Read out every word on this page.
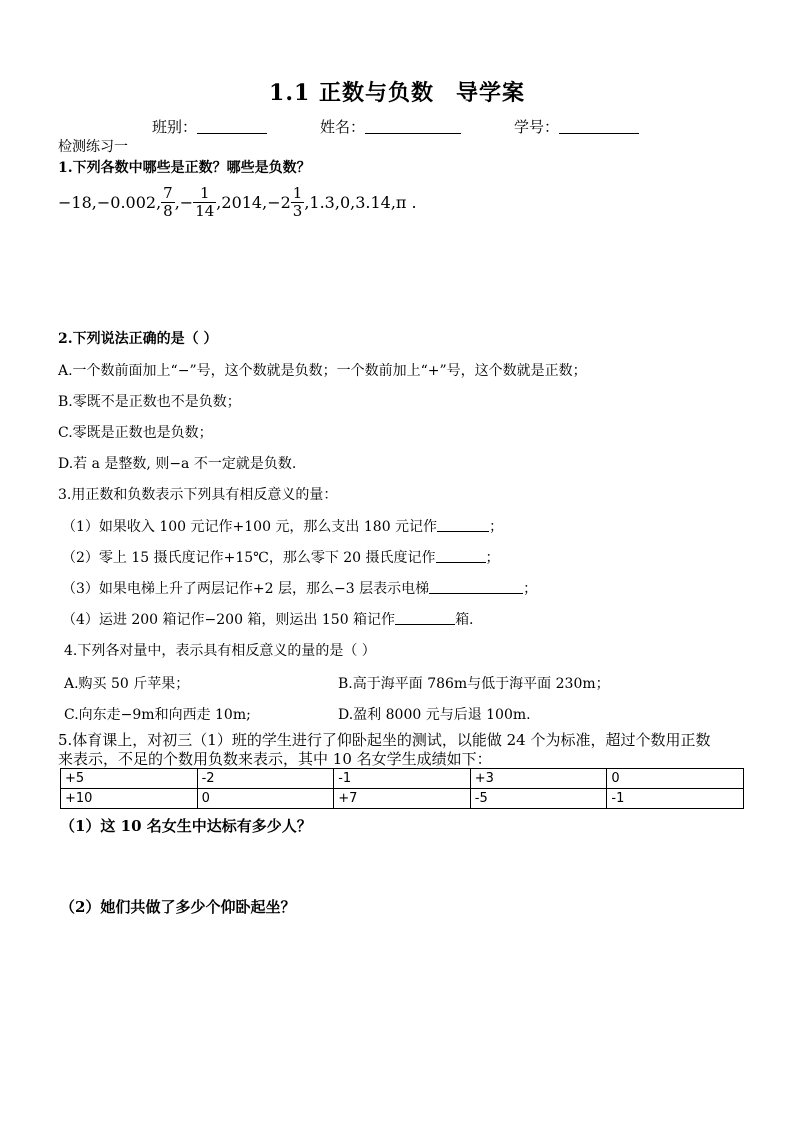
1.1 正数与负数 导学案
班别：	姓名：	学号：
检测练习一
1.下列各数中哪些是正数？哪些是负数？
−18,−0.002, $\frac{7}{8}$ ,− $\frac{1}{14} ,2014,-2 \frac{1}{3} ,1.3,0,3.14,\pi$ .
2.下列说法正确的是（ ）
A.一个数前面加上“−”号，这个数就是负数；一个数前加上“+”号，这个数就是正数；
B.零既不是正数也不是负数；
C.零既是正数也是负数；
D.若 a 是整数, 则−a 不一定就是负数.
3.用正数和负数表示下列具有相反意义的量：
（1）如果收入 100 元记作+100 元，那么支出 180 元记作	；
（2）零上 15 摄氏度记作+15℃，那么零下 20 摄氏度记作	；
（3）如果电梯上升了两层记作+2 层，那么−3 层表示电梯	；
（4）运进 200 箱记作−200 箱，则运出 150 箱记作	箱.
4.下列各对量中，表示具有相反意义的量的是（ ）
A.购买 50 斤苹果；	B.高于海平面 786m与低于海平面 230m；
C.向东走−9m和向西走 10m;	D.盈利 8000 元与后退 100m.
5.体育课上，对初三（1）班的学生进行了仰卧起坐的测试，以能做 24 个为标准，超过个数用正数
来表示，不足的个数用负数来表示，其中 10 名女学生成绩如下：
+5	-2	-1	+3	0
+10	0	+7	-5	-1
（1）这 10 名女生中达标有多少人？
（2）她们共做了多少个仰卧起坐？
